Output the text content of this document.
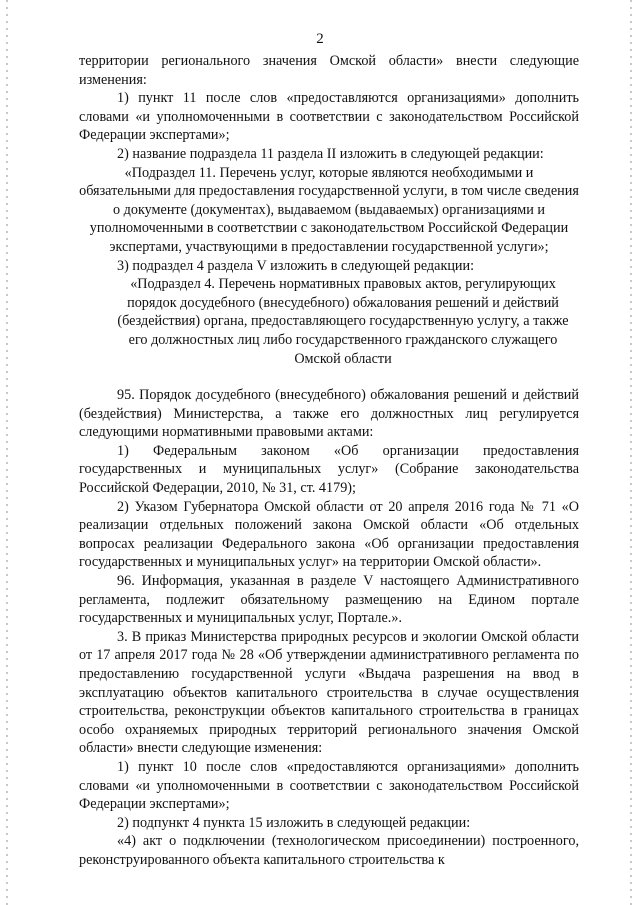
2

территории регионального значения Омской области» внести следующие изменения:

1) пункт 11 после слов «предоставляются организациями» дополнить словами «и уполномоченными в соответствии с законодательством Российской Федерации экспертами»;

2) название подраздела 11 раздела II изложить в следующей редакции:

«Подраздел 11. Перечень услуг, которые являются необходимыми и обязательными для предоставления государственной услуги, в том числе сведения о документе (документах), выдаваемом (выдаваемых) организациями и уполномоченными в соответствии с законодательством Российской Федерации экспертами, участвующими в предоставлении государственной услуги»;

3) подраздел 4 раздела V изложить в следующей редакции:

«Подраздел 4. Перечень нормативных правовых актов, регулирующих порядок досудебного (внесудебного) обжалования решений и действий (бездействия) органа, предоставляющего государственную услугу, а также его должностных лиц либо государственного гражданского служащего Омской области

95. Порядок досудебного (внесудебного) обжалования решений и действий (бездействия) Министерства, а также его должностных лиц регулируется следующими нормативными правовыми актами:

1) Федеральным законом «Об организации предоставления государственных и муниципальных услуг» (Собрание законодательства Российской Федерации, 2010, № 31, ст. 4179);

2) Указом Губернатора Омской области от 20 апреля 2016 года № 71 «О реализации отдельных положений закона Омской области «Об отдельных вопросах реализации Федерального закона «Об организации предоставления государственных и муниципальных услуг» на территории Омской области».

96. Информация, указанная в разделе V настоящего Административного регламента, подлежит обязательному размещению на Едином портале государственных и муниципальных услуг, Портале.».

3. В приказ Министерства природных ресурсов и экологии Омской области от 17 апреля 2017 года № 28 «Об утверждении административного регламента по предоставлению государственной услуги «Выдача разрешения на ввод в эксплуатацию объектов капитального строительства в случае осуществления строительства, реконструкции объектов капитального строительства в границах особо охраняемых природных территорий регионального значения Омской области» внести следующие изменения:

1) пункт 10 после слов «предоставляются организациями» дополнить словами «и уполномоченными в соответствии с законодательством Российской Федерации экспертами»;

2) подпункт 4 пункта 15 изложить в следующей редакции:

«4) акт о подключении (технологическом присоединении) построенного, реконструированного объекта капитального строительства к
